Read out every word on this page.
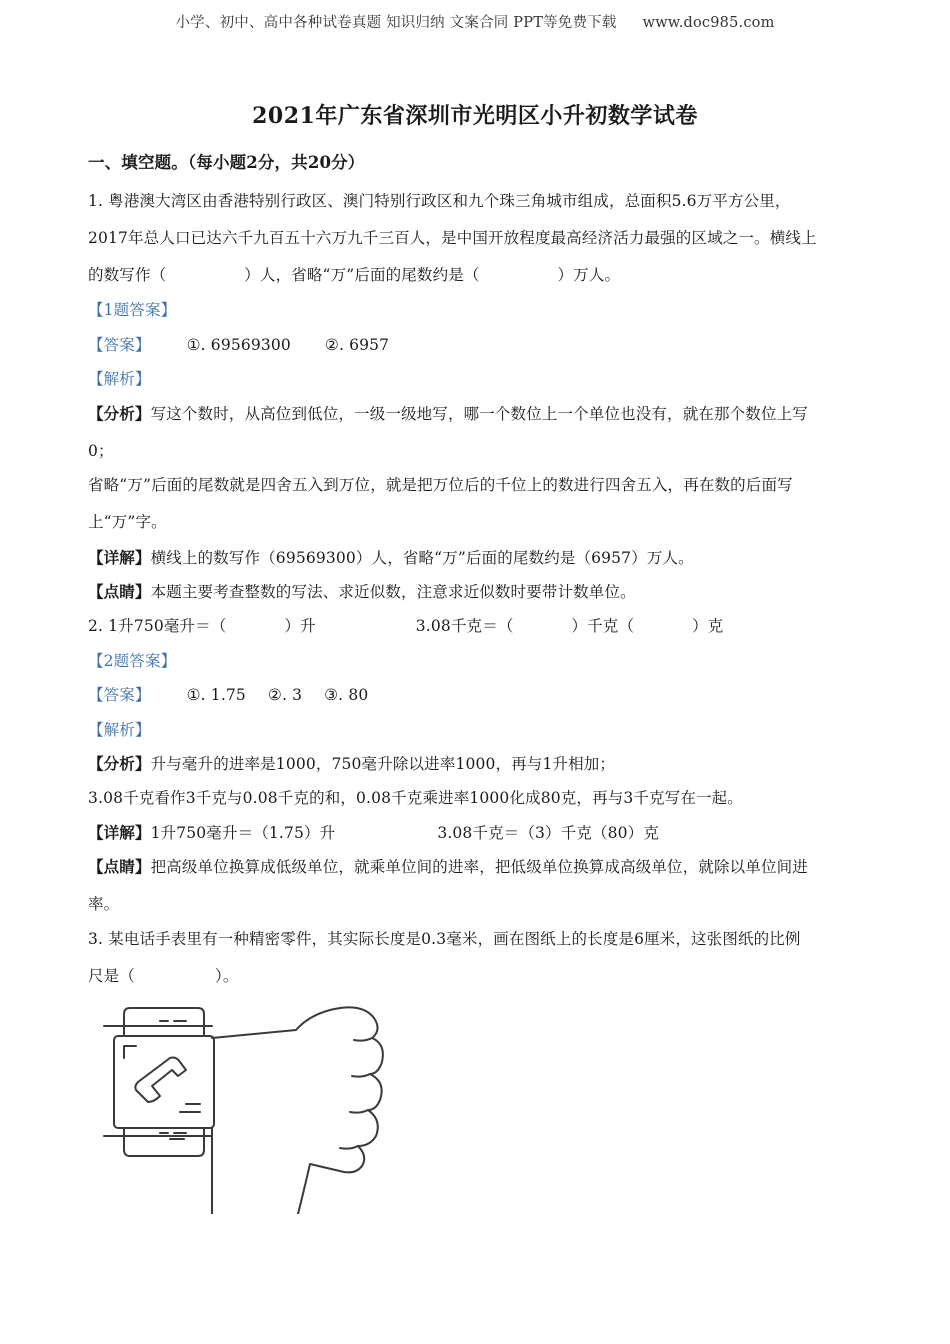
小学、初中、高中各种试卷真题 知识归纳 文案合同 PPT等免费下载 www.doc985.com
2021年广东省深圳市光明区小升初数学试卷
一、填空题。（每小题2分，共20分）
1. 粤港澳大湾区由香港特别行政区、澳门特别行政区和九个珠三角城市组成，总面积5.6万平方公里，
2017年总人口已达六千九百五十六万九千三百人，是中国开放程度最高经济活力最强的区域之一。横线上
的数写作（	）人，省略“万”后面的尾数约是（	）万人。
【1题答案】
【答案】 ①. 69569300 ②. 6957
【解析】
【分析】写这个数时，从高位到低位，一级一级地写，哪一个数位上一个单位也没有，就在那个数位上写
0；
省略“万”后面的尾数就是四舍五入到万位，就是把万位后的千位上的数进行四舍五入，再在数的后面写
上“万”字。
【详解】横线上的数写作（69569300）人，省略“万”后面的尾数约是（6957）万人。
【点睛】本题主要考查整数的写法、求近似数，注意求近似数时要带计数单位。
2. 1升750毫升＝（	）升	3.08千克＝（	）千克（	）克
【2题答案】
【答案】 ①. 1.75 ②. 3 ③. 80
【解析】
【分析】升与毫升的进率是1000，750毫升除以进率1000，再与1升相加；
3.08千克看作3千克与0.08千克的和，0.08千克乘进率1000化成80克，再与3千克写在一起。
【详解】1升750毫升＝（1.75）升	3.08千克＝（3）千克（80）克
【点睛】把高级单位换算成低级单位，就乘单位间的进率，把低级单位换算成高级单位，就除以单位间进
率。
3. 某电话手表里有一种精密零件，其实际长度是0.3毫米，画在图纸上的长度是6厘米，这张图纸的比例
尺是（	）。
